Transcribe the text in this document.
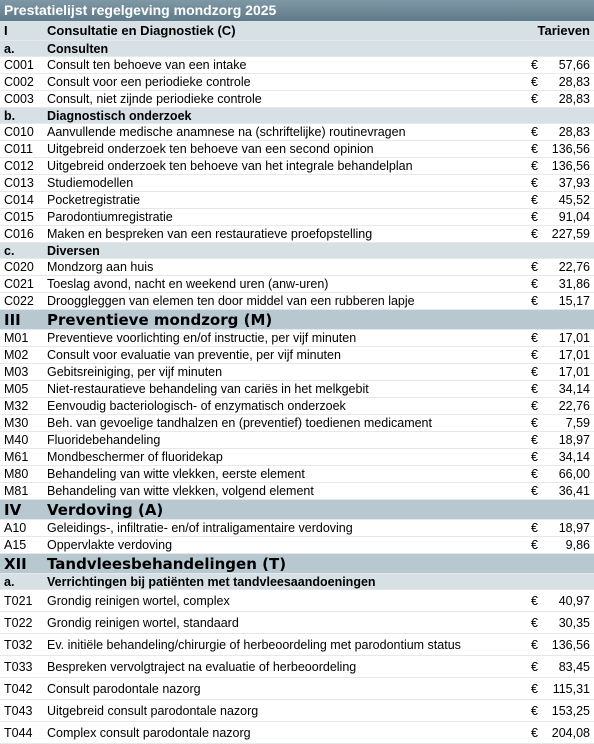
Prestatielijst regelgeving mondzorg 2025
I	Consultatie en Diagnostiek (C)	Tarieven
a.	Consulten
C001 Consult ten behoeve van een intake	€ 57,66
C002 Consult voor een periodieke controle	€ 28,83
C003 Consult, niet zijnde periodieke controle	€ 28,83
b.	Diagnostisch onderzoek
C010 Aanvullende medische anamnese na (schriftelijke) routinevragen	€ 28,83
C011 Uitgebreid onderzoek ten behoeve van een second opinion	€ 136,56
C012 Uitgebreid onderzoek ten behoeve van het integrale behandelplan	€ 136,56
C013 Studiemodellen	€ 37,93
C014 Pocketregistratie	€ 45,52
C015 Parodontiumregistratie	€ 91,04
C016 Maken en bespreken van een restauratieve proefopstelling	€ 227,59
c.	Diversen
C020 Mondzorg aan huis	€ 22,76
C021 Toeslag avond, nacht en weekend uren (anw-uren)	€ 31,86
C022 Drooggleggen van elemen ten door middel van een rubberen lapje	€ 15,17
III Preventieve mondzorg (M)
M01 Preventieve voorlichting en/of instructie, per vijf minuten	€ 17,01
M02 Consult voor evaluatie van preventie, per vijf minuten	€ 17,01
M03 Gebitsreiniging, per vijf minuten	€ 17,01
M05 Niet-restauratieve behandeling van cariës in het melkgebit	€ 34,14
M32 Eenvoudig bacteriologisch- of enzymatisch onderzoek	€ 22,76
M30 Beh. van gevoelige tandhalzen en (preventief) toedienen medicament	€ 7,59
M40 Fluoridebehandeling	€ 18,97
M61 Mondbeschermer of fluoridekap	€ 34,14
M80 Behandeling van witte vlekken, eerste element	€ 66,00
M81 Behandeling van witte vlekken, volgend element	€ 36,41
IV Verdoving (A)
A10 Geleidings-, infiltratie- en/of intraligamentaire verdoving	€ 18,97
A15 Oppervlakte verdoving	€ 9,86
XII Tandvleesbehandelingen (T)
a.	Verrichtingen bij patiënten met tandvleesaandoeningen
T021 Grondig reinigen wortel, complex	€ 40,97
T022 Grondig reinigen wortel, standaard	€ 30,35
T032 Ev. initiële behandeling/chirurgie of herbeoordeling met parodontium status	€ 136,56
T033 Bespreken vervolgtraject na evaluatie of herbeoordeling	€ 83,45
T042 Consult parodontale nazorg	€ 115,31
T043 Uitgebreid consult parodontale nazorg	€ 153,25
T044 Complex consult parodontale nazorg	€ 204,08
